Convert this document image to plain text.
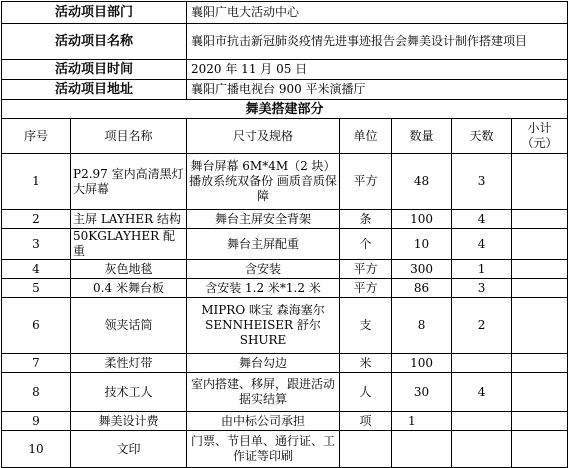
活动项目部门		襄阳广电大活动中心				
活动项目名称		襄阳市抗击新冠肺炎疫情先进事迹报告会舞美设计制作搭建项目				
活动项目时间		2020 年 11 月 05 日				
活动项目地址		襄阳广播电视台 900 平米演播厅				
舞美搭建部分						
序号	项目名称	尺寸及规格	单位	数量	天数	小计（元）
1	P2.97 室内高清黑灯大屏幕	舞台屏幕 6M*4M（2 块）播放系统双备份 画质音质保障	平方	48	3	
2	主屏 LAYHER 结构	舞台主屏安全背架	条	100	4	
3	50KGLAYHER 配重	舞台主屏配重	个	10	4	
4	灰色地毯	含安装	平方	300	1	
5	0.4 米舞台板	含安装 1.2 米*1.2 米	平方	86	3	
6	领夹话筒	MIPRO 咪宝 森海塞尔 SENNHEISER 舒尔 SHURE	支	8	2	
7	柔性灯带	舞台勾边	米	100		
8	技术工人	室内搭建、移屏，跟进活动 据实结算	人	30	4	
9	舞美设计费	由中标公司承担	项	1		
10	文印	门票、节目单、通行证、工作证等印刷				
